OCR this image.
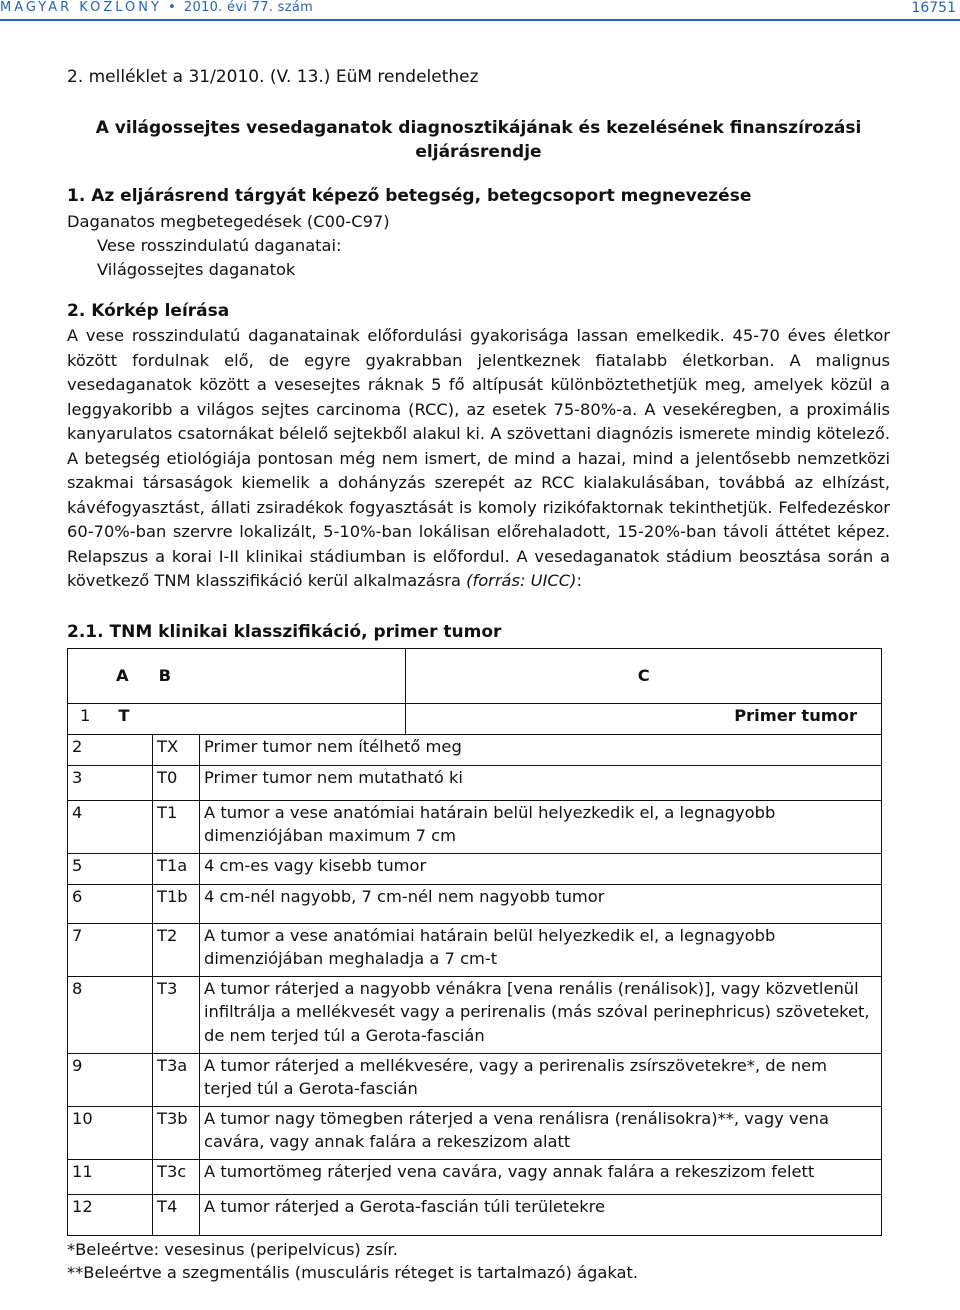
MAGYAR KÖZLÖNY • 2010. évi 77. szám	16751

2. melléklet a 31/2010. (V. 13.) EüM rendelethez

A világossejtes vesedaganatok diagnosztikájának és kezelésének finanszírozási
eljárásrendje

1. Az eljárásrend tárgyát képező betegség, betegcsoport megnevezése

Daganatos megbetegedések (C00-C97)

Vese rosszindulatú daganatai:

Világossejtes daganatok

2. Kórkép leírása

A vese rosszindulatú daganatainak előfordulási gyakorisága lassan emelkedik. 45-70 éves életkor között fordulnak elő, de egyre gyakrabban jelentkeznek fiatalabb életkorban. A malignus vesedaganatok között a vesesejtes ráknak 5 fő altípusát különböztethetjük meg, amelyek közül a leggyakoribb a világos sejtes carcinoma (RCC), az esetek 75-80%-a. A vesekéregben, a proximális kanyarulatos csatornákat bélelő sejtekből alakul ki. A szövettani diagnózis ismerete mindig kötelező. A betegség etiológiája pontosan még nem ismert, de mind a hazai, mind a jelentősebb nemzetközi szakmai társaságok kiemelik a dohányzás szerepét az RCC kialakulásában, továbbá az elhízást, kávéfogyasztást, állati zsiradékok fogyasztását is komoly rizikófaktornak tekinthetjük. Felfedezéskor 60-70%-ban szervre lokalizált, 5-10%-ban lokálisan előrehaladott, 15-20%-ban távoli áttétet képez. Relapszus a korai I-II klinikai stádiumban is előfordul. A vesedaganatok stádium beosztása során a következő TNM klasszifikáció kerül alkalmazásra (forrás: UICC):

2.1. TNM klinikai klasszifikáció, primer tumor

A B	C
1 T	Primer tumor
2	TX	Primer tumor nem ítélhető meg
3	T0	Primer tumor nem mutatható ki
4	T1	A tumor a vese anatómiai határain belül helyezkedik el, a legnagyobb dimenziójában maximum 7 cm
5	T1a	4 cm-es vagy kisebb tumor
6	T1b	4 cm-nél nagyobb, 7 cm-nél nem nagyobb tumor
7	T2	A tumor a vese anatómiai határain belül helyezkedik el, a legnagyobb dimenziójában meghaladja a 7 cm-t
8	T3	A tumor ráterjed a nagyobb vénákra [vena renális (renálisok)], vagy közvetlenül infiltrálja a mellékvesét vagy a perirenalis (más szóval perinephricus) szöveteket, de nem terjed túl a Gerota-fascián
9	T3a	A tumor ráterjed a mellékvesére, vagy a perirenalis zsírszövetekre*, de nem terjed túl a Gerota-fascián
10	T3b	A tumor nagy tömegben ráterjed a vena renálisra (renálisokra)**, vagy vena cavára, vagy annak falára a rekeszizom alatt
11	T3c	A tumortömeg ráterjed vena cavára, vagy annak falára a rekeszizom felett
12	T4	A tumor ráterjed a Gerota-fascián túli területekre

*Beleértve: vesesinus (peripelvicus) zsír.

**Beleértve a szegmentális (musculáris réteget is tartalmazó) ágakat.
